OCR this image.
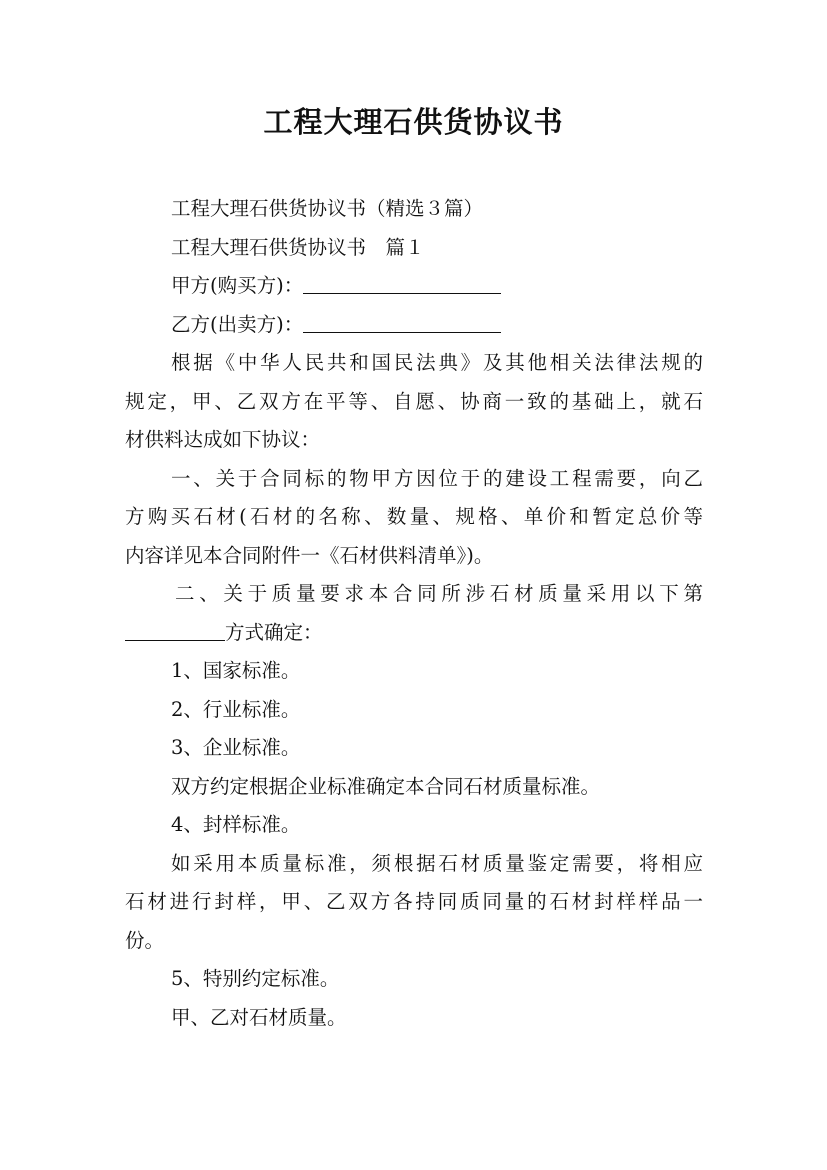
工程大理石供货协议书
工程大理石供货协议书（精选３篇）
工程大理石供货协议书　篇１
甲方(购买方)：
乙方(出卖方)：
根据《中华人民共和国民法典》及其他相关法律法规的
规定，甲、乙双方在平等、自愿、协商一致的基础上，就石
材供料达成如下协议：
一、关于合同标的物甲方因位于的建设工程需要，向乙
方购买石材(石材的名称、数量、规格、单价和暂定总价等
内容详见本合同附件一《石材供料清单》)。
二、关于质量要求本合同所涉石材质量采用以下第
方式确定：
1、国家标准。
2、行业标准。
3、企业标准。
双方约定根据企业标准确定本合同石材质量标准。
4、封样标准。
如采用本质量标准，须根据石材质量鉴定需要，将相应
石材进行封样，甲、乙双方各持同质同量的石材封样样品一
份。
5、特别约定标准。
甲、乙对石材质量。
